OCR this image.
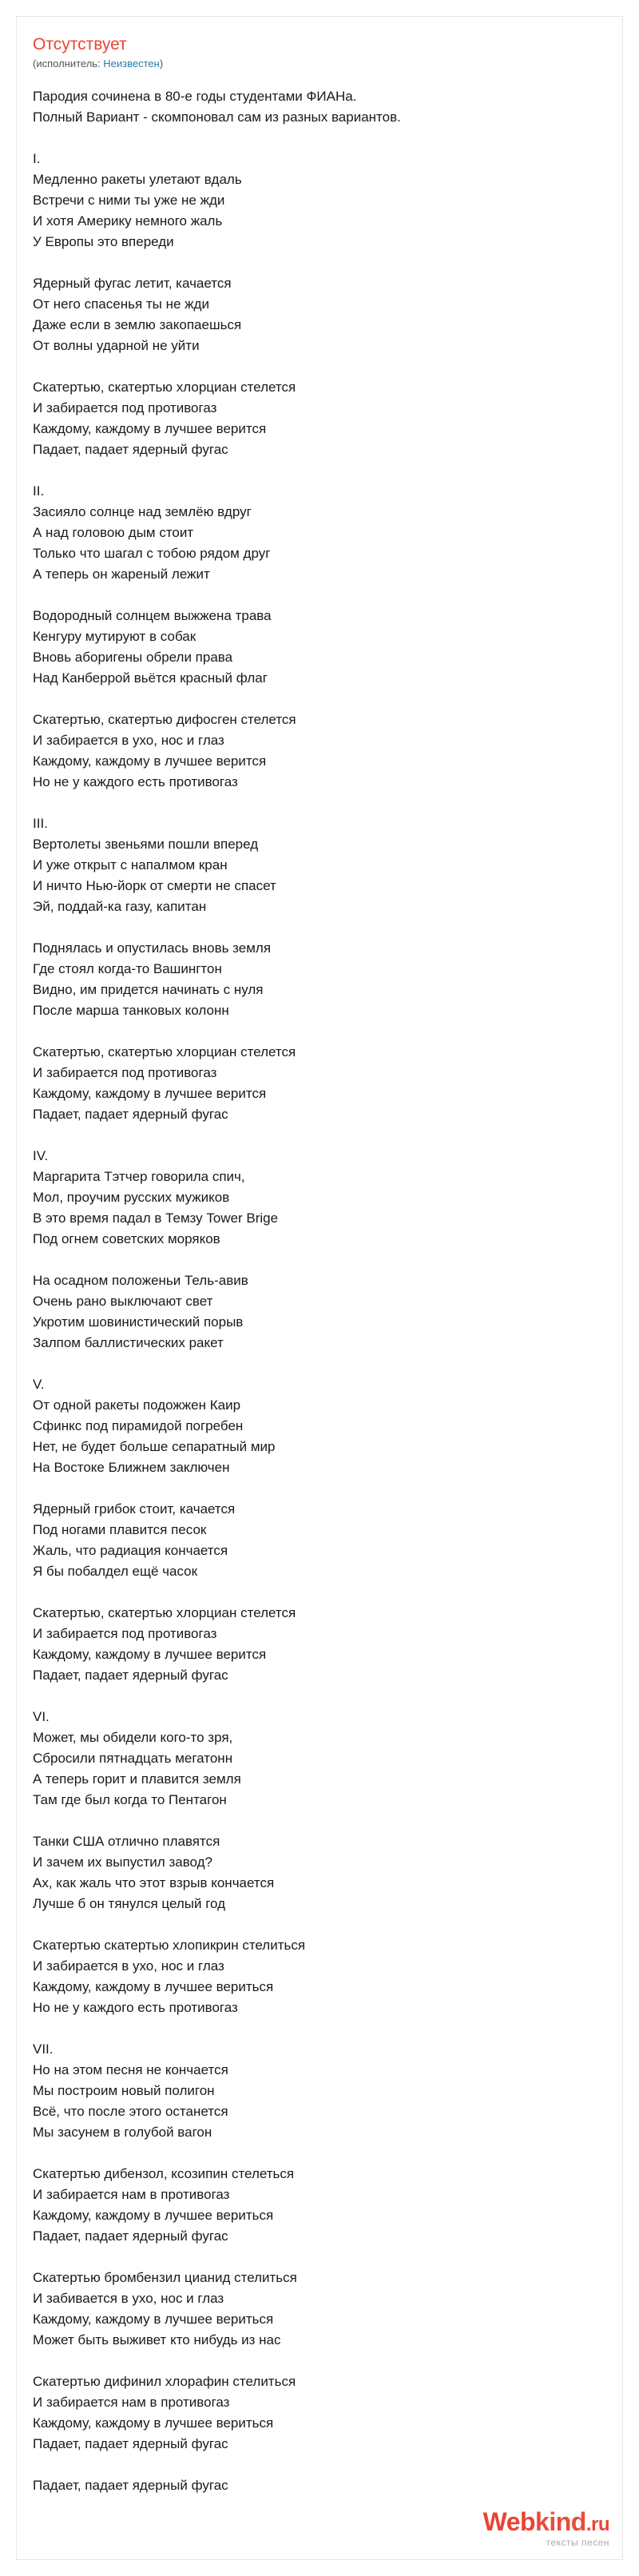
Отсутствует
(исполнитель: Неизвестен)
Пародия сочинена в 80-е годы студентами ФИАНа.
Полный Вариант - скомпоновал сам из разных вариантов.
I.
Медленно ракеты улетают вдаль
Встречи с ними ты уже не жди
И хотя Америку немного жаль
У Европы это впереди
Ядерный фугас летит, качается
От него спасенья ты не жди
Даже если в землю закопаешься
От волны ударной не уйти
Скатертью, скатертью хлорциан стелется
И забирается под противогаз
Каждому, каждому в лучшее верится
Падает, падает ядерный фугас
II.
Засияло солнце над землёю вдруг
А над головою дым стоит
Только что шагал с тобою рядом друг
А теперь он жареный лежит
Водородный солнцем выжжена трава
Кенгуру мутируют в собак
Вновь аборигены обрели права
Над Канберрой вьётся красный флаг
Скатертью, скатертью дифосген стелется
И забирается в ухо, нос и глаз
Каждому, каждому в лучшее верится
Но не у каждого есть противогаз
III.
Вертолеты звеньями пошли вперед
И уже открыт с напалмом кран
И ничто Нью-йорк от смерти не спасет
Эй, поддай-ка газу, капитан
Поднялась и опустилась вновь земля
Где стоял когда-то Вашингтон
Видно, им придется начинать с нуля
После марша танковых колонн
Скатертью, скатертью хлорциан стелется
И забирается под противогаз
Каждому, каждому в лучшее верится
Падает, падает ядерный фугас
IV.
Маргарита Тэтчер говорила спич,
Мол, проучим русских мужиков
В это время падал в Темзу Tower Brige
Под огнем советских моряков
На осадном положеньи Тель-авив
Очень рано выключают свет
Укротим шовинистический порыв
Залпом баллистических ракет
V.
От одной ракеты подожжен Каир
Сфинкс под пирамидой погребен
Нет, не будет больше сепаратный мир
На Востоке Ближнем заключен
Ядерный грибок стоит, качается
Под ногами плавится песок
Жаль, что радиация кончается
Я бы побалдел ещё часок
Скатертью, скатертью хлорциан стелется
И забирается под противогаз
Каждому, каждому в лучшее верится
Падает, падает ядерный фугас
VI.
Может, мы обидели кого-то зря,
Сбросили пятнадцать мегатонн
А теперь горит и плавится земля
Там где был когда то Пентагон
Танки США отлично плавятся
И зачем их выпустил завод?
Ах, как жаль что этот взрыв кончается
Лучше б он тянулся целый год
Скатертью скатертью хлопикрин стелиться
И забирается в ухо, нос и глаз
Каждому, каждому в лучшее вериться
Но не у каждого есть противогаз
VII.
Но на этом песня не кончается
Мы построим новый полигон
Всё, что после этого останется
Мы засунем в голубой вагон
Скатертью дибензол, ксозипин стелеться
И забирается нам в противогаз
Каждому, каждому в лучшее вериться
Падает, падает ядерный фугас
Скатертью бромбензил цианид стелиться
И забивается в ухо, нос и глаз
Каждому, каждому в лучшее вериться
Может быть выживет кто нибудь из нас
Скатертью дифинил хлорафин стелиться
И забирается нам в противогаз
Каждому, каждому в лучшее вериться
Падает, падает ядерный фугас
Падает, падает ядерный фугас
Webkind.ru
тексты песен
